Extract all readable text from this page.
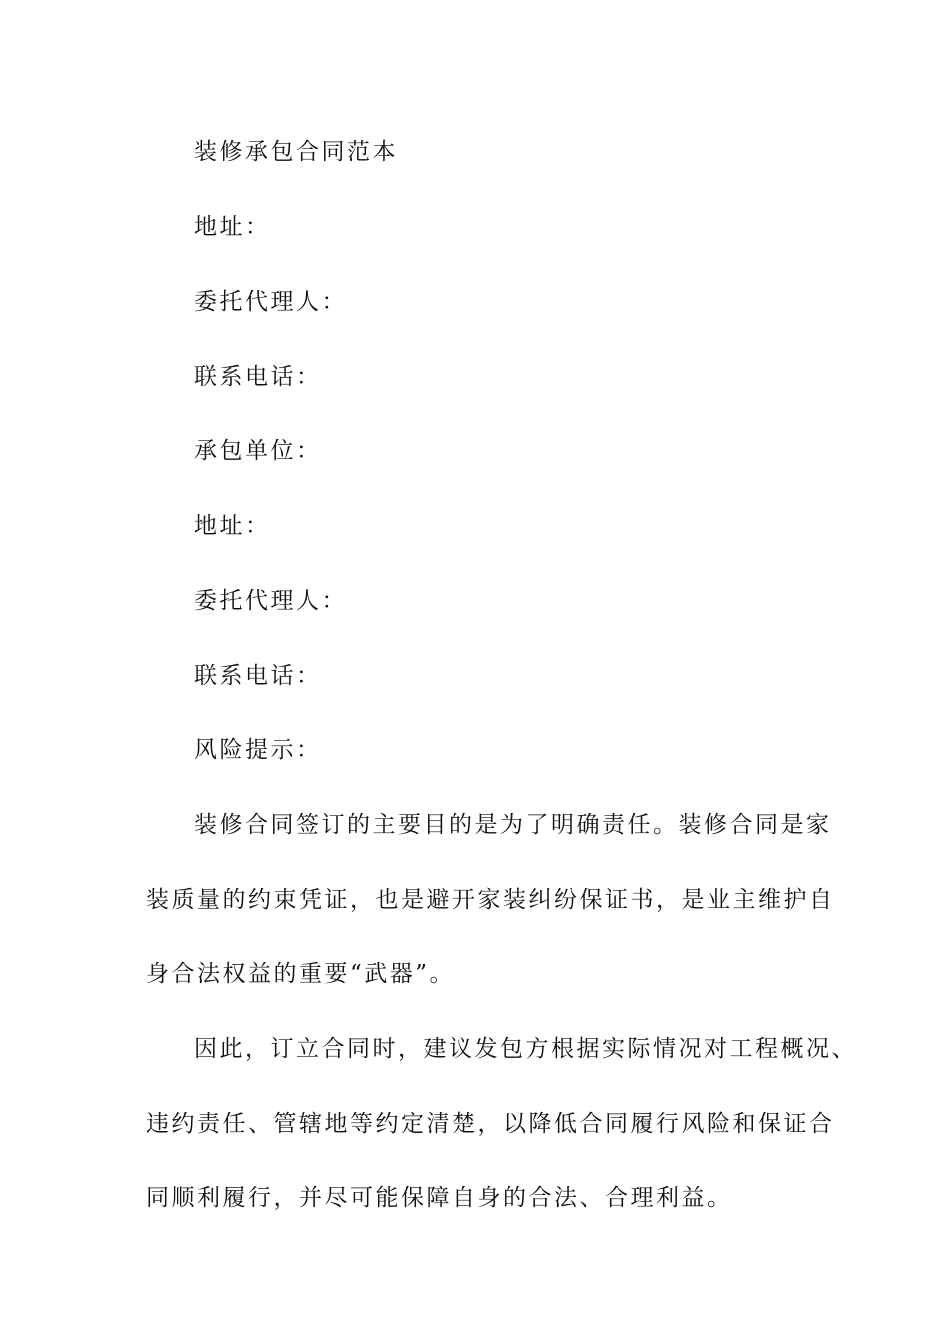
装修承包合同范本
地址：
委托代理人：
联系电话：
承包单位：
地址：
委托代理人：
联系电话：
风险提示：
装修合同签订的主要目的是为了明确责任。装修合同是家
装质量的约束凭证，也是避开家装纠纷保证书，是业主维护自
身合法权益的重要“武器”。
因此，订立合同时，建议发包方根据实际情况对工程概况、
违约责任、管辖地等约定清楚，以降低合同履行风险和保证合
同顺利履行，并尽可能保障自身的合法、合理利益。
